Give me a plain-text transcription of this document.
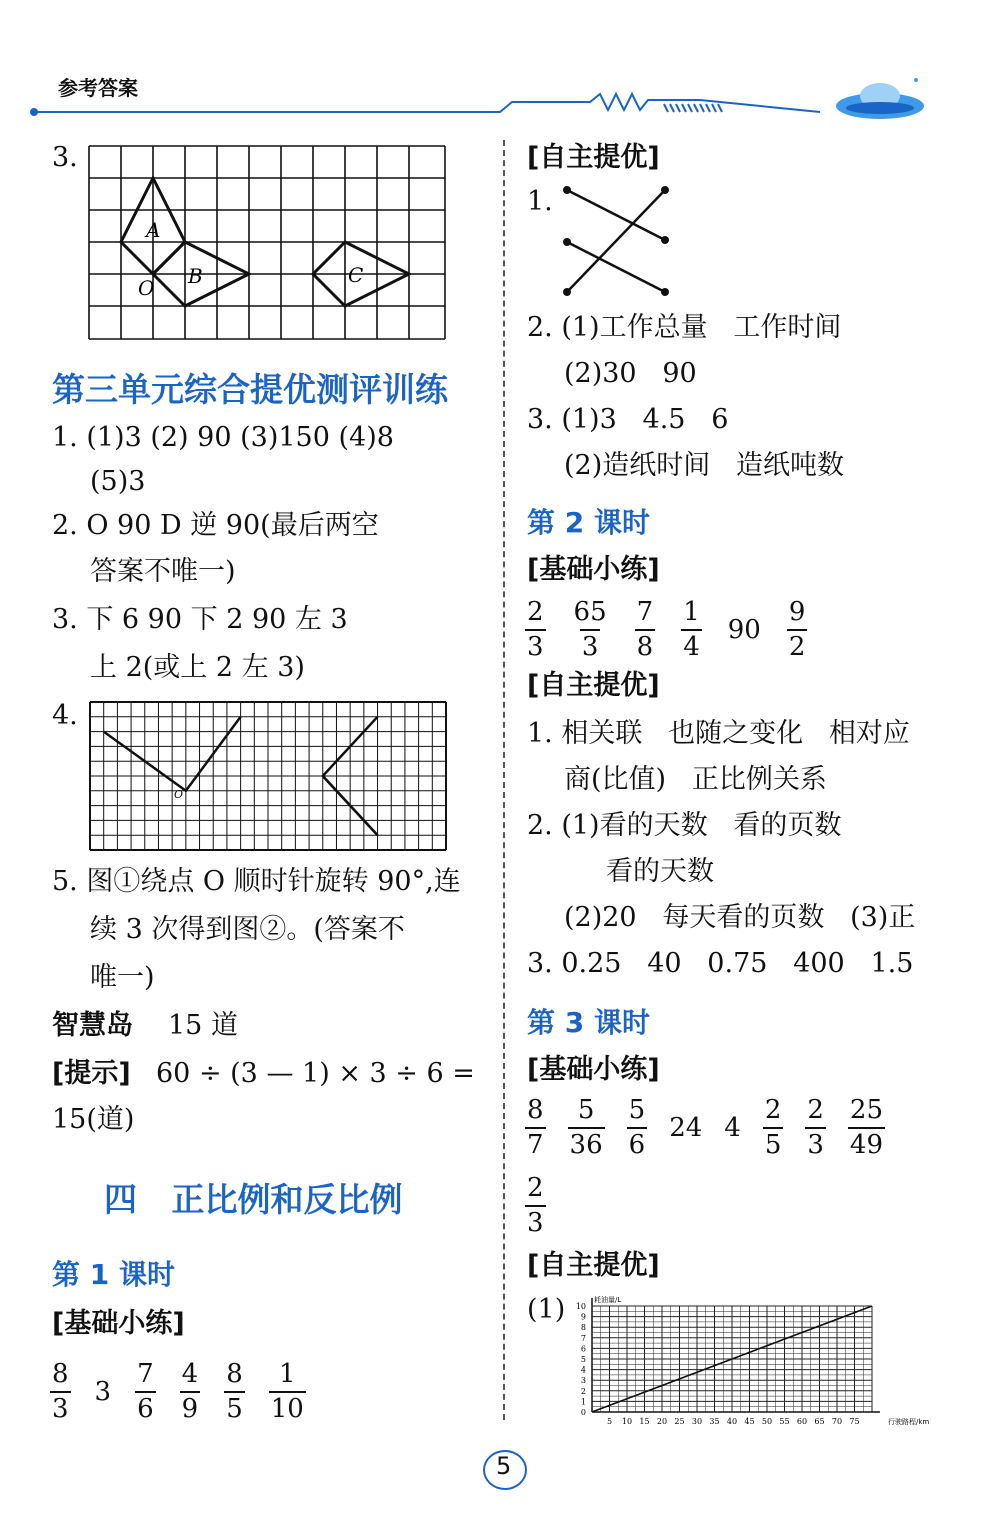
参考答案
3.
A
B
O
C
第三单元综合提优测评训练
1. (1)3 (2) 90 (3)150 (4)8
(5)3
2. O 90 D 逆 90(最后两空
答案不唯一)
3. 下 6 90 下 2 90 左 3
上 2(或上 2 左 3)
4.
O
5. 图①绕点 O 顺时针旋转 90°,连
续 3 次得到图②。(答案不
唯一)
智慧岛 15 道
[提示] 60 ÷ (3 — 1) × 3 ÷ 6 =
15(道)
四   正比例和反比例
第 1 课时
[基础小练]
$\frac{8}{3} 3 \frac{7}{6} \frac{4}{9} \frac{8}{5} \frac{1}{10}$
[自主提优]
1.
2. (1)工作总量   工作时间
(2)30   90
3. (1)3   4.5   6
(2)造纸时间   造纸吨数
第 2 课时
[基础小练]
$\frac{2}{3} \frac{65}{3} \frac{7}{8} \frac{1}{4} 90 \frac{9}{2}$
[自主提优]
1. 相关联   也随之变化   相对应
商(比值)   正比例关系
2. (1)看的天数   看的页数
看的天数
(2)20   每天看的页数   (3)正
3. 0.25   40   0.75   400   1.5
第 3 课时
[基础小练]
$\frac{8}{7} \frac{5}{36} \frac{5}{6} 24$ $4 \frac{2}{5} \frac{2}{3} \frac{25}{49}$
$\frac{2}{3}$
[自主提优]
(1)
5 10 15 20 25 30 35 40 45 50 55 60 65 70 75
0
1
2
3
4
5
6
7
8
9
10
耗油量/L
行驶路程/km
5
